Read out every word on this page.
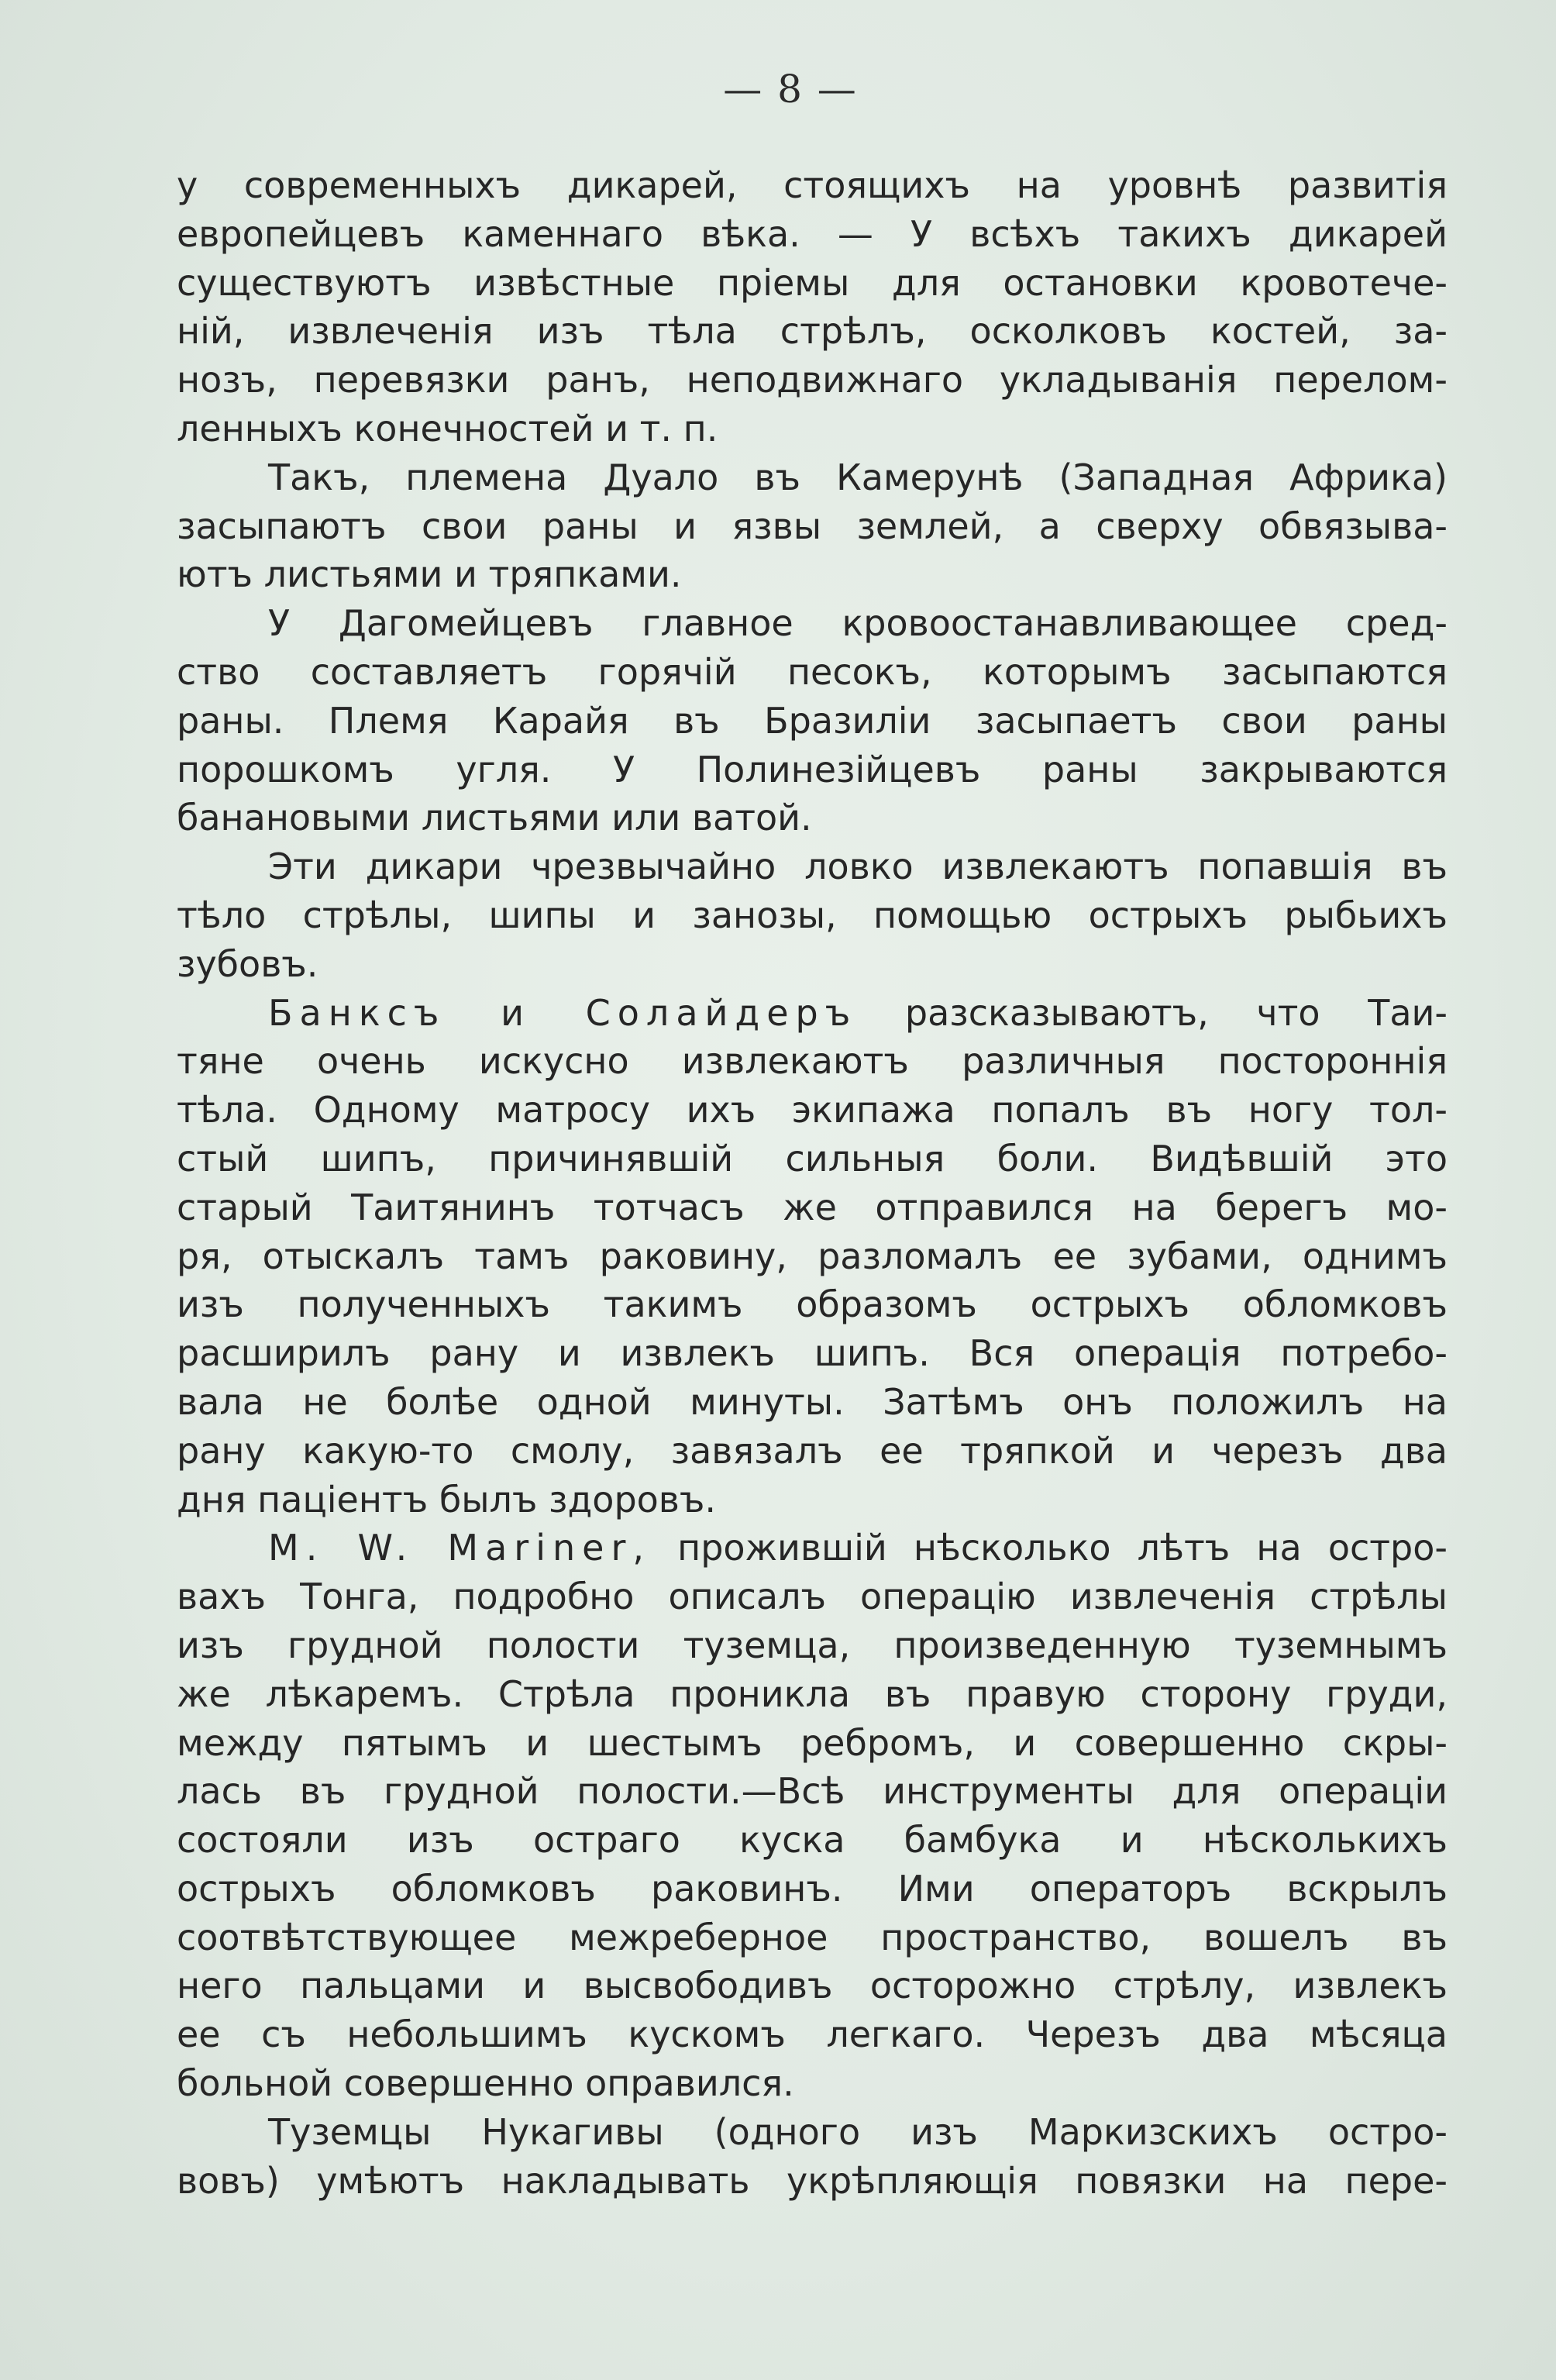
— 8 —
у современныхъ дикарей, стоящихъ на уровнѣ развитія
европейцевъ каменнаго вѣка. — У всѣхъ такихъ дикарей
существуютъ извѣстные пріемы для остановки кровотече-
ній, извлеченія изъ тѣла стрѣлъ, осколковъ костей, за-
нозъ, перевязки ранъ, неподвижнаго укладыванія перелом-
ленныхъ конечностей и т. п.
Такъ, племена Дуало въ Камерунѣ (Западная Африка)
засыпаютъ свои раны и язвы землей, а сверху обвязыва-
ютъ листьями и тряпками.
У Дагомейцевъ главное кровоостанавливающее сред-
ство составляетъ горячій песокъ, которымъ засыпаются
раны. Племя Карайя въ Бразиліи засыпаетъ свои раны
порошкомъ угля. У Полинезійцевъ раны закрываются
банановыми листьями или ватой.
Эти дикари чрезвычайно ловко извлекаютъ попавшія въ
тѣло стрѣлы, шипы и занозы, помощью острыхъ рыбьихъ
зубовъ.
Банксъ и Солайдеръ разсказываютъ, что Таи-
тяне очень искусно извлекаютъ различныя постороннія
тѣла. Одному матросу ихъ экипажа попалъ въ ногу тол-
стый шипъ, причинявшій сильныя боли. Видѣвшій это
старый Таитянинъ тотчасъ же отправился на берегъ мо-
ря, отыскалъ тамъ раковину, разломалъ ее зубами, однимъ
изъ полученныхъ такимъ образомъ острыхъ обломковъ
расширилъ рану и извлекъ шипъ. Вся операція потребо-
вала не болѣе одной минуты. Затѣмъ онъ положилъ на
рану какую-то смолу, завязалъ ее тряпкой и черезъ два
дня паціентъ былъ здоровъ.
M. W. Mariner, прожившій нѣсколько лѣтъ на остро-
вахъ Тонга, подробно описалъ операцію извлеченія стрѣлы
изъ грудной полости туземца, произведенную туземнымъ
же лѣкаремъ. Стрѣла проникла въ правую сторону груди,
между пятымъ и шестымъ ребромъ, и совершенно скры-
лась въ грудной полости.—Всѣ инструменты для операціи
состояли изъ остраго куска бамбука и нѣсколькихъ
острыхъ обломковъ раковинъ. Ими операторъ вскрылъ
соотвѣтствующее межреберное пространство, вошелъ въ
него пальцами и высвободивъ осторожно стрѣлу, извлекъ
ее съ небольшимъ кускомъ легкаго. Черезъ два мѣсяца
больной совершенно оправился.
Туземцы Нукагивы (одного изъ Маркизскихъ остро-
вовъ) умѣютъ накладывать укрѣпляющія повязки на пере-
